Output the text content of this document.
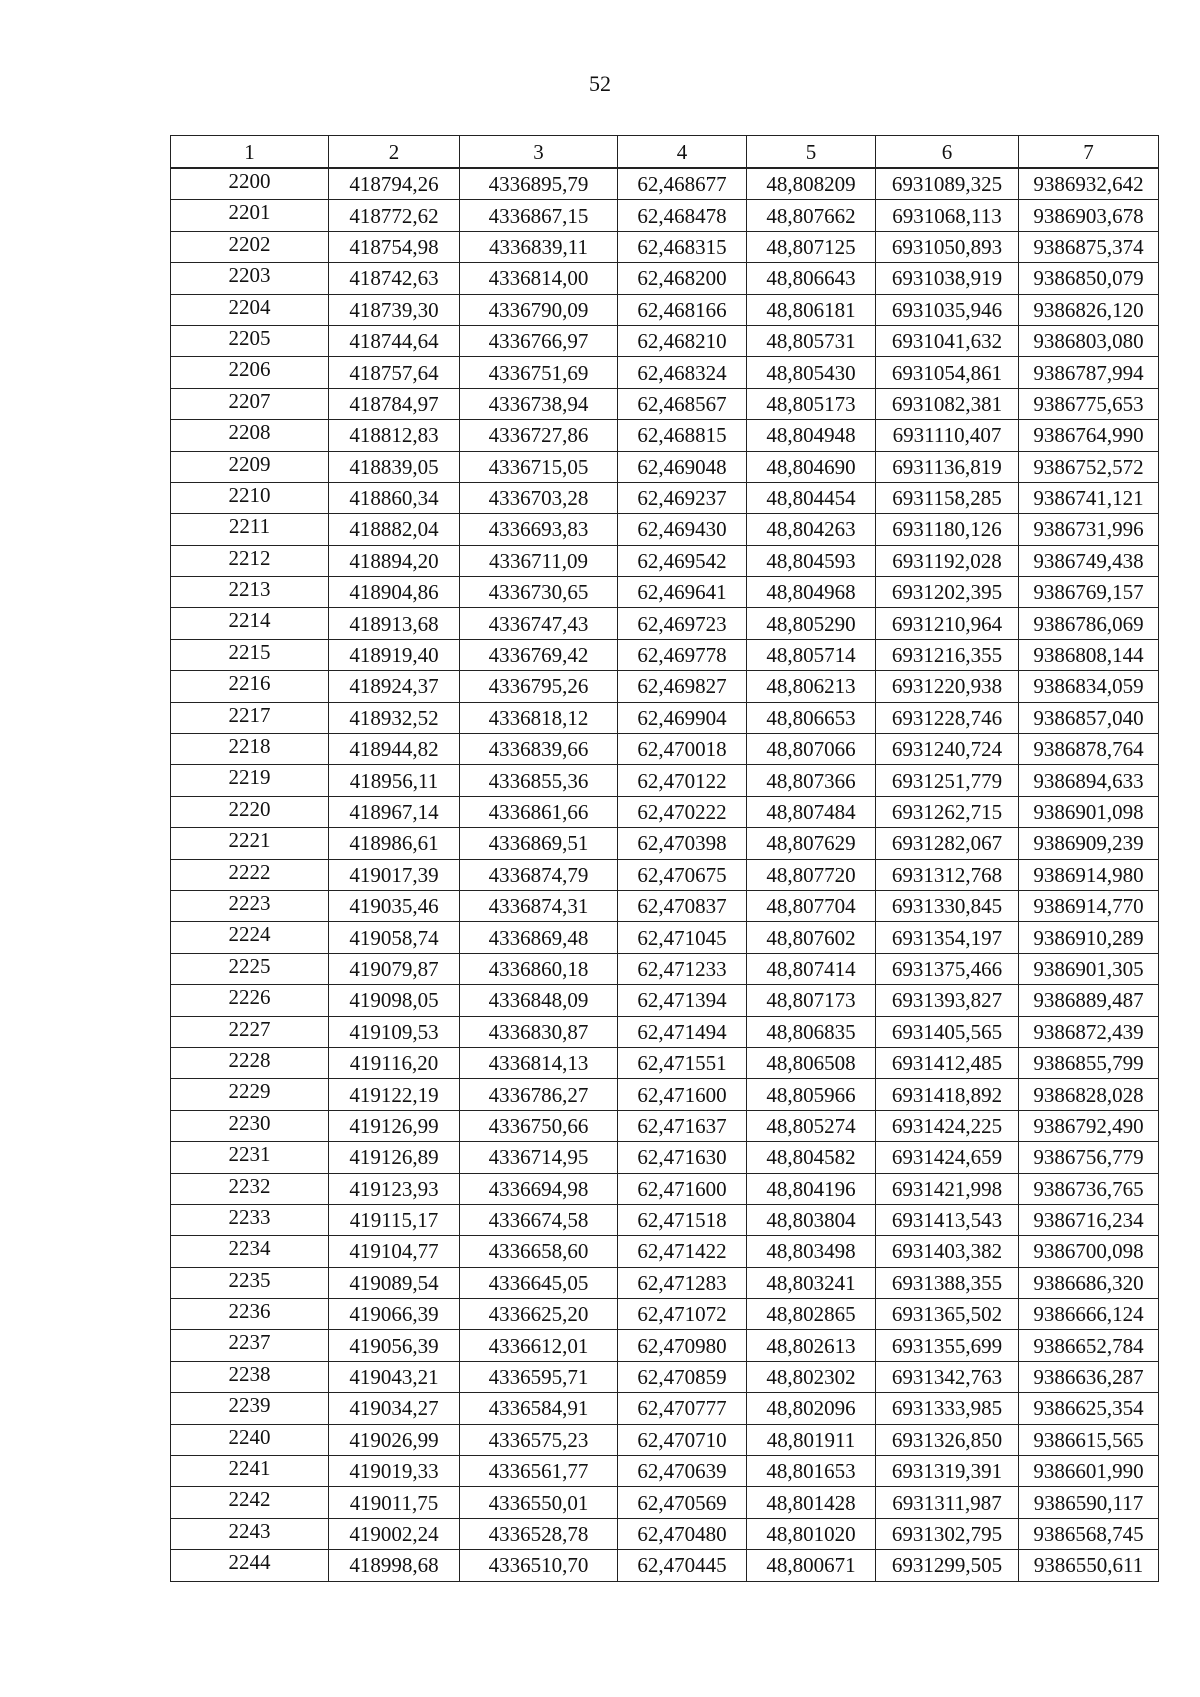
52
1	2	3	4	5	6	7
2200	418794,26	4336895,79	62,468677	48,808209	6931089,325	9386932,642
2201	418772,62	4336867,15	62,468478	48,807662	6931068,113	9386903,678
2202	418754,98	4336839,11	62,468315	48,807125	6931050,893	9386875,374
2203	418742,63	4336814,00	62,468200	48,806643	6931038,919	9386850,079
2204	418739,30	4336790,09	62,468166	48,806181	6931035,946	9386826,120
2205	418744,64	4336766,97	62,468210	48,805731	6931041,632	9386803,080
2206	418757,64	4336751,69	62,468324	48,805430	6931054,861	9386787,994
2207	418784,97	4336738,94	62,468567	48,805173	6931082,381	9386775,653
2208	418812,83	4336727,86	62,468815	48,804948	6931110,407	9386764,990
2209	418839,05	4336715,05	62,469048	48,804690	6931136,819	9386752,572
2210	418860,34	4336703,28	62,469237	48,804454	6931158,285	9386741,121
2211	418882,04	4336693,83	62,469430	48,804263	6931180,126	9386731,996
2212	418894,20	4336711,09	62,469542	48,804593	6931192,028	9386749,438
2213	418904,86	4336730,65	62,469641	48,804968	6931202,395	9386769,157
2214	418913,68	4336747,43	62,469723	48,805290	6931210,964	9386786,069
2215	418919,40	4336769,42	62,469778	48,805714	6931216,355	9386808,144
2216	418924,37	4336795,26	62,469827	48,806213	6931220,938	9386834,059
2217	418932,52	4336818,12	62,469904	48,806653	6931228,746	9386857,040
2218	418944,82	4336839,66	62,470018	48,807066	6931240,724	9386878,764
2219	418956,11	4336855,36	62,470122	48,807366	6931251,779	9386894,633
2220	418967,14	4336861,66	62,470222	48,807484	6931262,715	9386901,098
2221	418986,61	4336869,51	62,470398	48,807629	6931282,067	9386909,239
2222	419017,39	4336874,79	62,470675	48,807720	6931312,768	9386914,980
2223	419035,46	4336874,31	62,470837	48,807704	6931330,845	9386914,770
2224	419058,74	4336869,48	62,471045	48,807602	6931354,197	9386910,289
2225	419079,87	4336860,18	62,471233	48,807414	6931375,466	9386901,305
2226	419098,05	4336848,09	62,471394	48,807173	6931393,827	9386889,487
2227	419109,53	4336830,87	62,471494	48,806835	6931405,565	9386872,439
2228	419116,20	4336814,13	62,471551	48,806508	6931412,485	9386855,799
2229	419122,19	4336786,27	62,471600	48,805966	6931418,892	9386828,028
2230	419126,99	4336750,66	62,471637	48,805274	6931424,225	9386792,490
2231	419126,89	4336714,95	62,471630	48,804582	6931424,659	9386756,779
2232	419123,93	4336694,98	62,471600	48,804196	6931421,998	9386736,765
2233	419115,17	4336674,58	62,471518	48,803804	6931413,543	9386716,234
2234	419104,77	4336658,60	62,471422	48,803498	6931403,382	9386700,098
2235	419089,54	4336645,05	62,471283	48,803241	6931388,355	9386686,320
2236	419066,39	4336625,20	62,471072	48,802865	6931365,502	9386666,124
2237	419056,39	4336612,01	62,470980	48,802613	6931355,699	9386652,784
2238	419043,21	4336595,71	62,470859	48,802302	6931342,763	9386636,287
2239	419034,27	4336584,91	62,470777	48,802096	6931333,985	9386625,354
2240	419026,99	4336575,23	62,470710	48,801911	6931326,850	9386615,565
2241	419019,33	4336561,77	62,470639	48,801653	6931319,391	9386601,990
2242	419011,75	4336550,01	62,470569	48,801428	6931311,987	9386590,117
2243	419002,24	4336528,78	62,470480	48,801020	6931302,795	9386568,745
2244	418998,68	4336510,70	62,470445	48,800671	6931299,505	9386550,611
